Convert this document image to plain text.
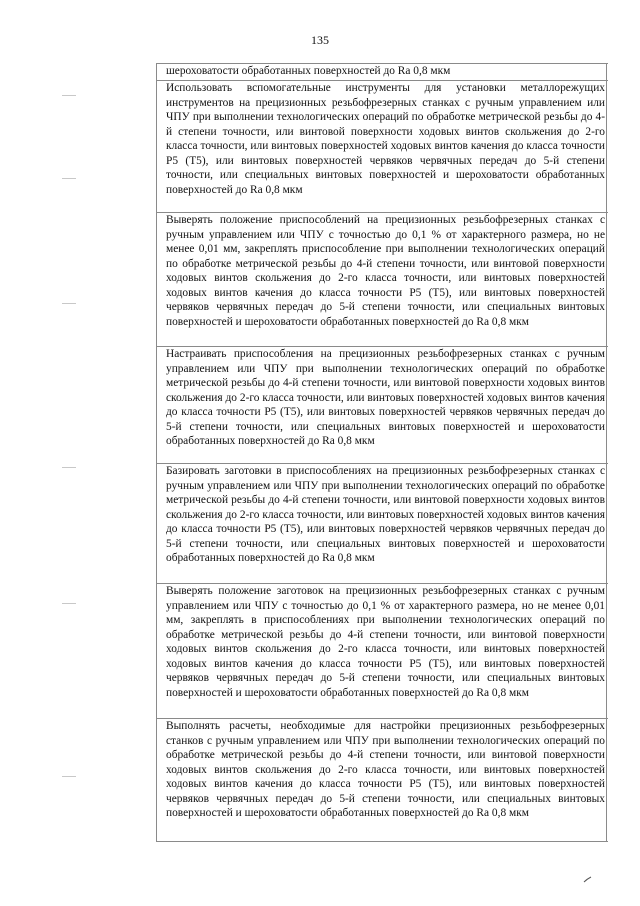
135

шероховатости обработанных поверхностей до Ra 0,8 мкм

Использовать вспомогательные инструменты для установки металлорежущих инструментов на прецизионных резьбофрезерных станках с ручным управлением или ЧПУ при выполнении технологических операций по обработке метрической резьбы до 4-й степени точности, или винтовой поверхности ходовых винтов скольжения до 2-го класса точности, или винтовых поверхностей ходовых винтов качения до класса точности Р5 (Т5), или винтовых поверхностей червяков червячных передач до 5-й степени точности, или специальных винтовых поверхностей и шероховатости обработанных поверхностей до Ra 0,8 мкм

Выверять положение приспособлений на прецизионных резьбофрезерных станках с ручным управлением или ЧПУ с точностью до 0,1 % от характерного размера, но не менее 0,01 мм, закреплять приспособление при выполнении технологических операций по обработке метрической резьбы до 4-й степени точности, или винтовой поверхности ходовых винтов скольжения до 2-го класса точности, или винтовых поверхностей ходовых винтов качения до класса точности Р5 (Т5), или винтовых поверхностей червяков червячных передач до 5-й степени точности, или специальных винтовых поверхностей и шероховатости обработанных поверхностей до Ra 0,8 мкм

Настраивать приспособления на прецизионных резьбофрезерных станках с ручным управлением или ЧПУ при выполнении технологических операций по обработке метрической резьбы до 4-й степени точности, или винтовой поверхности ходовых винтов скольжения до 2-го класса точности, или винтовых поверхностей ходовых винтов качения до класса точности Р5 (Т5), или винтовых поверхностей червяков червячных передач до 5-й степени точности, или специальных винтовых поверхностей и шероховатости обработанных поверхностей до Ra 0,8 мкм

Базировать заготовки в приспособлениях на прецизионных резьбофрезерных станках с ручным управлением или ЧПУ при выполнении технологических операций по обработке метрической резьбы до 4-й степени точности, или винтовой поверхности ходовых винтов скольжения до 2-го класса точности, или винтовых поверхностей ходовых винтов качения до класса точности Р5 (Т5), или винтовых поверхностей червяков червячных передач до 5-й степени точности, или специальных винтовых поверхностей и шероховатости обработанных поверхностей до Ra 0,8 мкм

Выверять положение заготовок на прецизионных резьбофрезерных станках с ручным управлением или ЧПУ с точностью до 0,1 % от характерного размера, но не менее 0,01 мм, закреплять в приспособлениях при выполнении технологических операций по обработке метрической резьбы до 4-й степени точности, или винтовой поверхности ходовых винтов скольжения до 2-го класса точности, или винтовых поверхностей ходовых винтов качения до класса точности Р5 (Т5), или винтовых поверхностей червяков червячных передач до 5-й степени точности, или специальных винтовых поверхностей и шероховатости обработанных поверхностей до Ra 0,8 мкм

Выполнять расчеты, необходимые для настройки прецизионных резьбофрезерных станков с ручным управлением или ЧПУ при выполнении технологических операций по обработке метрической резьбы до 4-й степени точности, или винтовой поверхности ходовых винтов скольжения до 2-го класса точности, или винтовых поверхностей ходовых винтов качения до класса точности Р5 (Т5), или винтовых поверхностей червяков червячных передач до 5-й степени точности, или специальных винтовых поверхностей и шероховатости обработанных поверхностей до Ra 0,8 мкм
